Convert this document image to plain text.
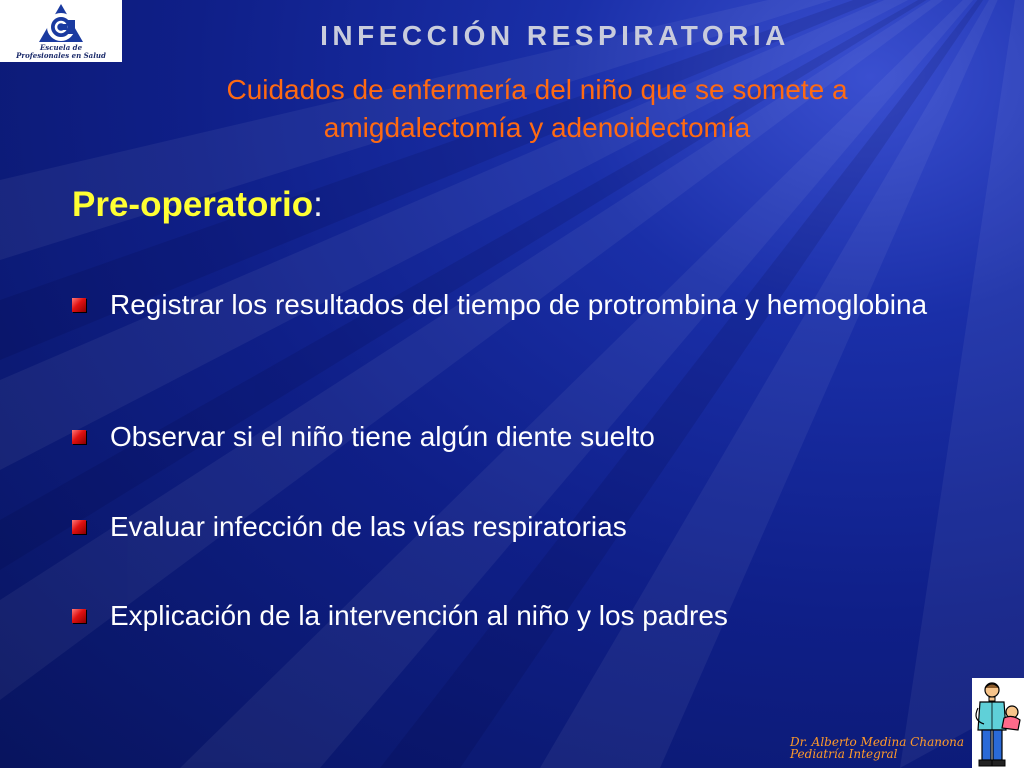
Escuela de
Profesionales en Salud
INFECCIÓN RESPIRATORIA
Cuidados de enfermería del niño que se somete a
amigdalectomía y adenoidectomía
Pre-operatorio:
Registrar los resultados del tiempo de protrombina y hemoglobina
Observar si el niño tiene algún diente suelto
Evaluar infección de las vías respiratorias
Explicación de la intervención al niño y los padres
Dr. Alberto Medina Chanona
Pediatría Integral
